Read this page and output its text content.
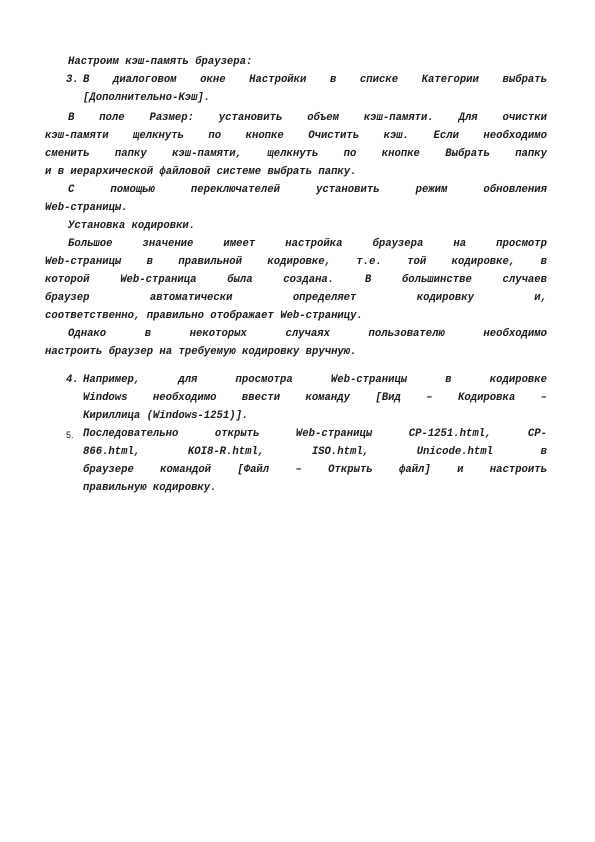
Настроим кэш-память браузера:
3. В диалоговом окне Настройки в списке Категории выбрать
[Дополнительно-Кэш].
В поле Размер: установить объем кэш-памяти. Для очистки
кэш-памяти щелкнуть по кнопке Очистить кэш. Если необходимо
сменить папку кэш-памяти, щелкнуть по кнопке Выбрать папку
и в иерархической файловой системе выбрать папку.
С помощью переключателей установить режим обновления
Web-страницы.
Установка кодировки.
Большое значение имеет настройка браузера на просмотр
Web-страницы в правильной кодировке, т.е. той кодировке, в
которой Web-страница была создана. В большинстве случаев
браузер автоматически определяет кодировку и,
соответственно, правильно отображает Web-страницу.
Однако в некоторых случаях пользователю необходимо
настроить браузер на требуемую кодировку вручную.
4. Например, для просмотра Web-страницы в кодировке
Windows необходимо ввести команду [Вид – Кодировка –
Кириллица (Windows-1251)].
5. Последовательно открыть Web-страницы CP-1251.html, CP-
866.html, KOI8-R.html, ISO.html, Unicode.html в
браузере командой [Файл – Открыть файл] и настроить
правильную кодировку.
